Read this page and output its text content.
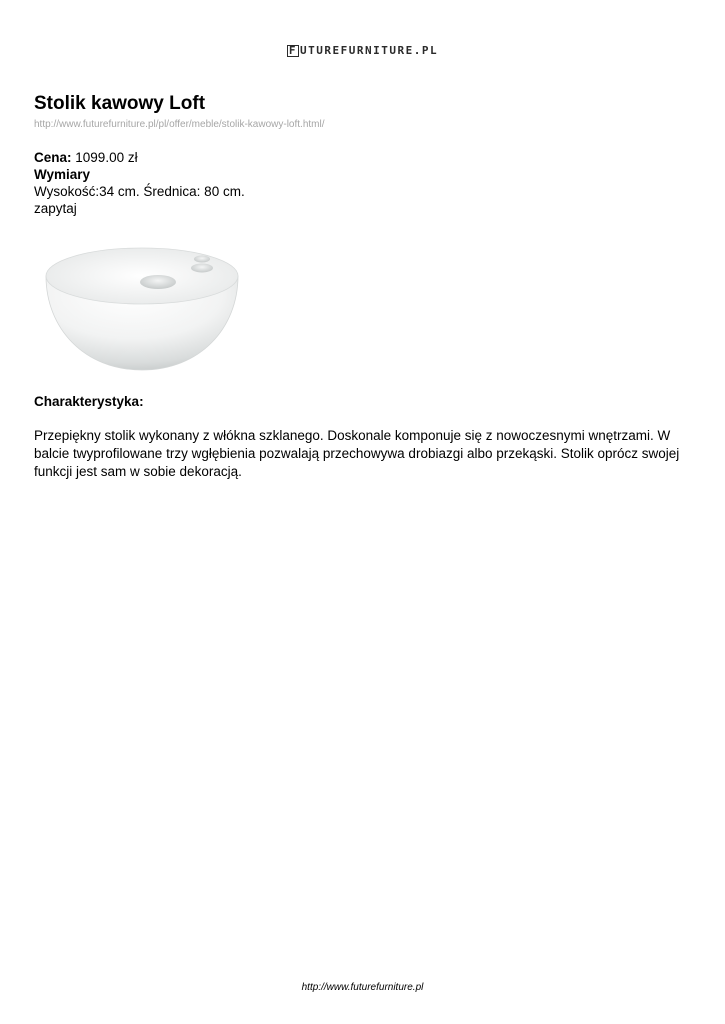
F UTUREFURNITURE.PL
Stolik kawowy Loft
http://www.futurefurniture.pl/pl/offer/meble/stolik-kawowy-loft.html/
Cena: 1099.00 zł
Wymiary
Wysokość:34 cm. Średnica: 80 cm.
zapytaj
Charakterystyka:

Przepiękny stolik wykonany z włókna szklanego. Doskonale komponuje się z nowoczesnymi wnętrzami. W balcie twyprofilowane trzy wgłębienia pozwalają przechowywa drobiazgi albo przekąski. Stolik oprócz swojej funkcji jest sam w sobie dekoracją.

http://www.futurefurniture.pl
